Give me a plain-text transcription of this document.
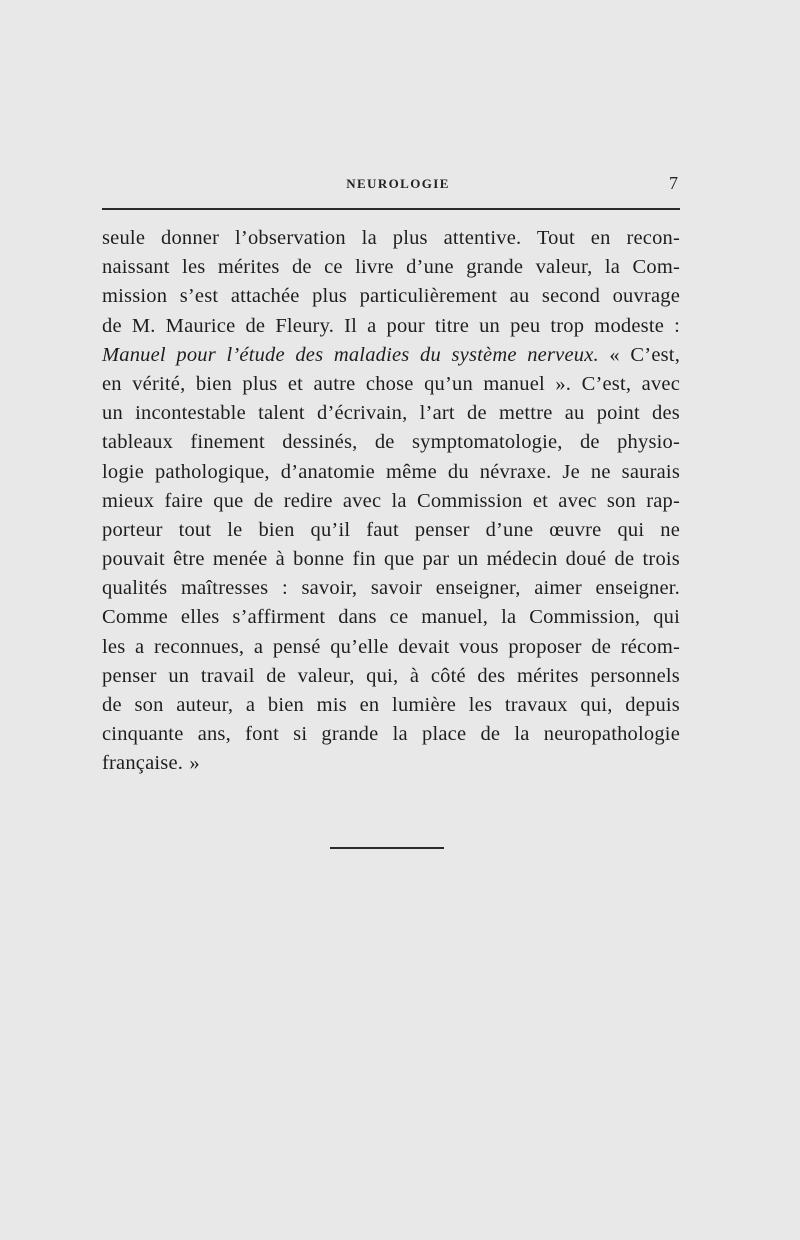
NEUROLOGIE	7
seule donner l’observation la plus attentive. Tout en recon-
naissant les mérites de ce livre d’une grande valeur, la Com-
mission s’est attachée plus particulièrement au second ouvrage
de M. Maurice de Fleury. Il a pour titre un peu trop modeste :
Manuel pour l’étude des maladies du système nerveux. « C’est,
en vérité, bien plus et autre chose qu’un manuel ». C’est, avec
un incontestable talent d’écrivain, l’art de mettre au point des
tableaux finement dessinés, de symptomatologie, de physio-
logie pathologique, d’anatomie même du névraxe. Je ne saurais
mieux faire que de redire avec la Commission et avec son rap-
porteur tout le bien qu’il faut penser d’une œuvre qui ne
pouvait être menée à bonne fin que par un médecin doué de trois
qualités maîtresses : savoir, savoir enseigner, aimer enseigner.
Comme elles s’affirment dans ce manuel, la Commission, qui
les a reconnues, a pensé qu’elle devait vous proposer de récom-
penser un travail de valeur, qui, à côté des mérites personnels
de son auteur, a bien mis en lumière les travaux qui, depuis
cinquante ans, font si grande la place de la neuropathologie
française. »
